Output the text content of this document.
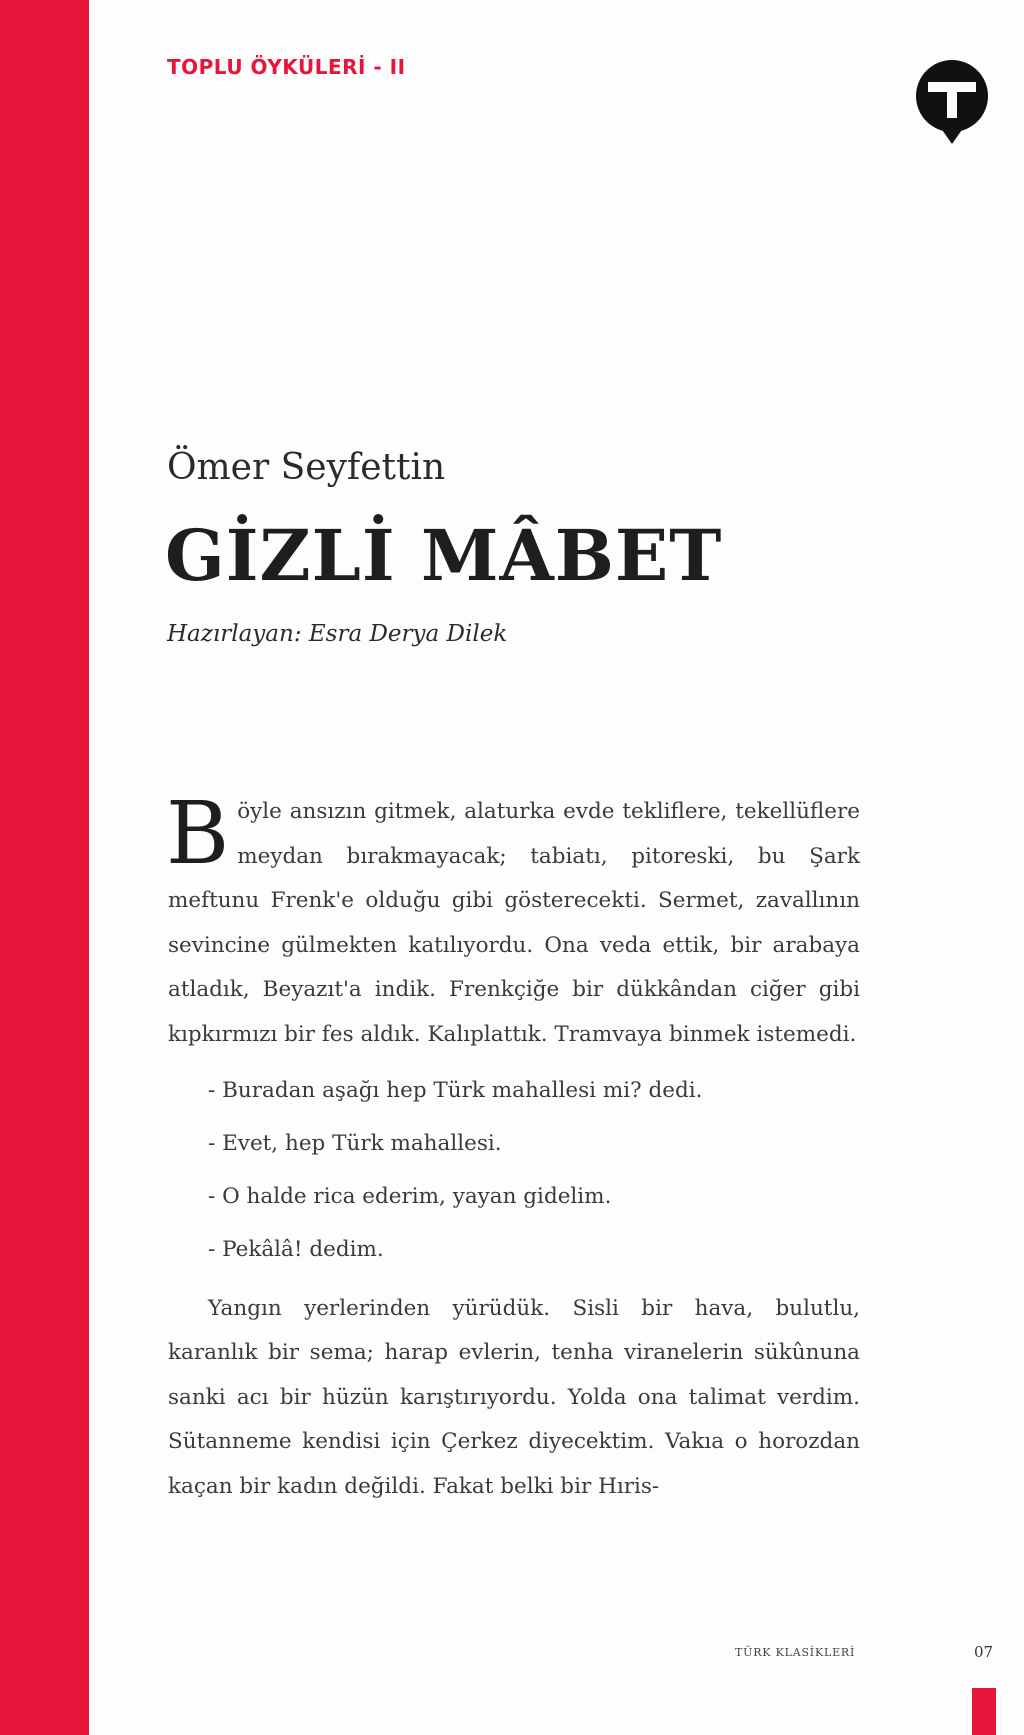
TOPLU ÖYKÜLERİ - II
Ömer Seyfettin
GİZLİ MÂBET
Hazırlayan: Esra Derya Dilek

Böyle ansızın gitmek, alaturka evde tekliflere, tekellüflere meydan bırakmayacak; tabiatı, pitoreski, bu Şark meftunu Frenk'e olduğu gibi gösterecekti. Sermet, zavallının sevincine gülmekten katılıyordu. Ona veda ettik, bir arabaya atladık, Beyazıt'a indik. Frenkçiğe bir dükkândan ciğer gibi kıpkırmızı bir fes aldık. Kalıplattık. Tramvaya binmek istemedi.

- Buradan aşağı hep Türk mahallesi mi? dedi.
- Evet, hep Türk mahallesi.
- O halde rica ederim, yayan gidelim.
- Pekâlâ! dedim.

Yangın yerlerinden yürüdük. Sisli bir hava, bulutlu, karanlık bir sema; harap evlerin, tenha viranelerin sükûnuna sanki acı bir hüzün karıştırıyordu. Yolda ona talimat verdim. Sütanneme kendisi için Çerkez diyecektim. Vakıa o horozdan kaçan bir kadın değildi. Fakat belki bir Hıris-

TÜRK KLASİKLERİ	07
